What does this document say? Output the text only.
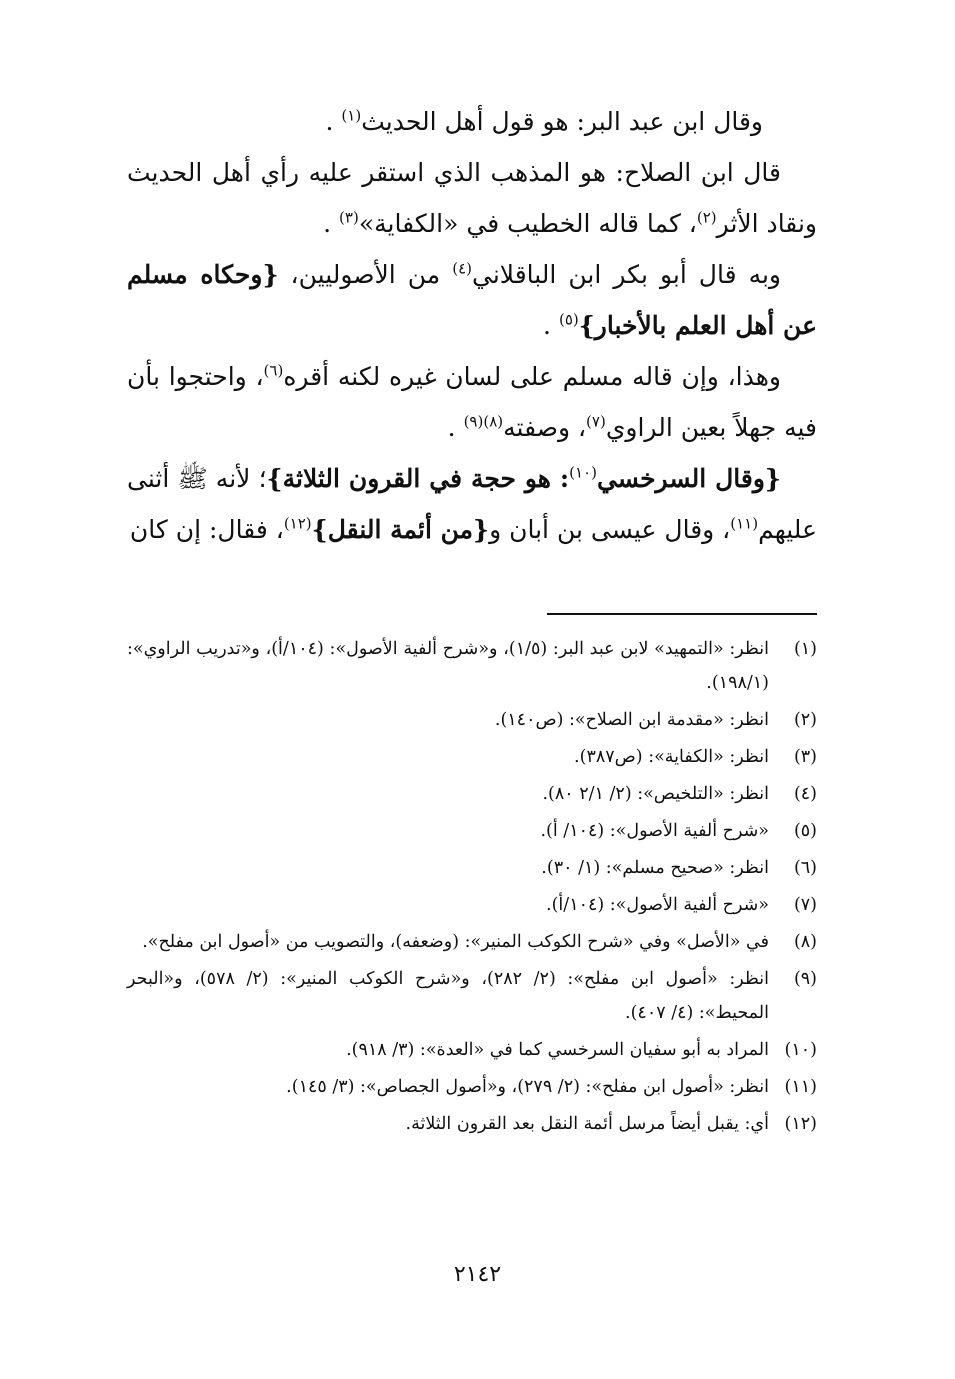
وقال ابن عبد البر: هو قول أهل الحديث$^{(١)}$ .

قال ابن الصلاح: هو المذهب الذي استقر عليه رأي أهل الحديث ونقاد الأثر$^{(٢)}$، كما قاله الخطيب في «الكفاية»$^{(٣)}$ .

وبه قال أبو بكر ابن الباقلاني$^{(٤)}$ من الأصوليين، {وحكاه مسلم عن أهل العلم بالأخبار}$^{(٥)}$ .

وهذا، وإن قاله مسلم على لسان غيره لكنه أقره$^{(٦)}$، واحتجوا بأن فيه جهلاً بعين الراوي$^{(٧)}$، وصفته$^{(٨)(٩)}$ .

{وقال السرخسي$^{(١٠)}$: هو حجة في القرون الثلاثة}؛ لأنه ﷺ أثنى عليهم$^{(١١)}$، وقال عيسى بن أبان و{من أئمة النقل}$^{(١٢)}$، فقال: إن كان

(١)
انظر: «التمهيد» لابن عبد البر: (١/٥)، و«شرح ألفية الأصول»: (١٠٤/أ)، و«تدريب الراوي»: (١٩٨/١).
(٢)
انظر: «مقدمة ابن الصلاح»: (ص١٤٠).
(٣)
انظر: «الكفاية»: (ص٣٨٧).
(٤)
انظر: «التلخيص»: (٢/ ٢/١ ٨٠).
(٥)
«شرح ألفية الأصول»: (١٠٤/ أ).
(٦)
انظر: «صحيح مسلم»: (١/ ٣٠).
(٧)
«شرح ألفية الأصول»: (١٠٤/أ).
(٨)
في «الأصل» وفي «شرح الكوكب المنير»: (وضعفه)، والتصويب من «أصول ابن مفلح».
(٩)
انظر: «أصول ابن مفلح»: (٢/ ٢٨٢)، و«شرح الكوكب المنير»: (٢/ ٥٧٨)، و«البحر المحيط»: (٤/ ٤٠٧).
(١٠)
المراد به أبو سفيان السرخسي كما في «العدة»: (٣/ ٩١٨).
(١١)
انظر: «أصول ابن مفلح»: (٢/ ٢٧٩)، و«أصول الجصاص»: (٣/ ١٤٥).
(١٢)
أي: يقبل أيضاً مرسل أئمة النقل بعد القرون الثلاثة.
٢١٤٢
